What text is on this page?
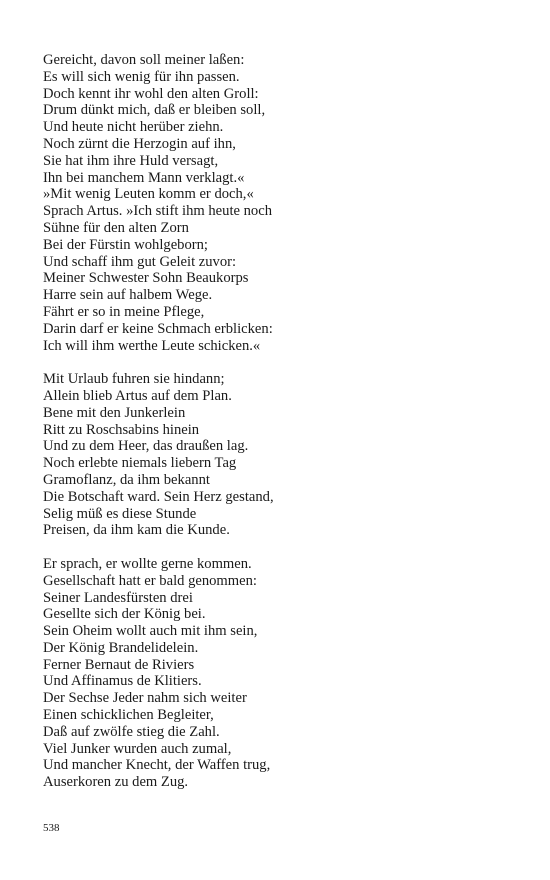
Gereicht, davon soll meiner laßen:
Es will sich wenig für ihn passen.
Doch kennt ihr wohl den alten Groll:
Drum dünkt mich, daß er bleiben soll,
Und heute nicht herüber ziehn.
Noch zürnt die Herzogin auf ihn,
Sie hat ihm ihre Huld versagt,
Ihn bei manchem Mann verklagt.«
»Mit wenig Leuten komm er doch,«
Sprach Artus. »Ich stift ihm heute noch
Sühne für den alten Zorn
Bei der Fürstin wohlgeborn;
Und schaff ihm gut Geleit zuvor:
Meiner Schwester Sohn Beaukorps
Harre sein auf halbem Wege.
Fährt er so in meine Pflege,
Darin darf er keine Schmach erblicken:
Ich will ihm werthe Leute schicken.«
Mit Urlaub fuhren sie hindann;
Allein blieb Artus auf dem Plan.
Bene mit den Junkerlein
Ritt zu Roschsabins hinein
Und zu dem Heer, das draußen lag.
Noch erlebte niemals liebern Tag
Gramoflanz, da ihm bekannt
Die Botschaft ward. Sein Herz gestand,
Selig müß es diese Stunde
Preisen, da ihm kam die Kunde.
Er sprach, er wollte gerne kommen.
Gesellschaft hatt er bald genommen:
Seiner Landesfürsten drei
Gesellte sich der König bei.
Sein Oheim wollt auch mit ihm sein,
Der König Brandelidelein.
Ferner Bernaut de Riviers
Und Affinamus de Klitiers.
Der Sechse Jeder nahm sich weiter
Einen schicklichen Begleiter,
Daß auf zwölfe stieg die Zahl.
Viel Junker wurden auch zumal,
Und mancher Knecht, der Waffen trug,
Auserkoren zu dem Zug.
538
